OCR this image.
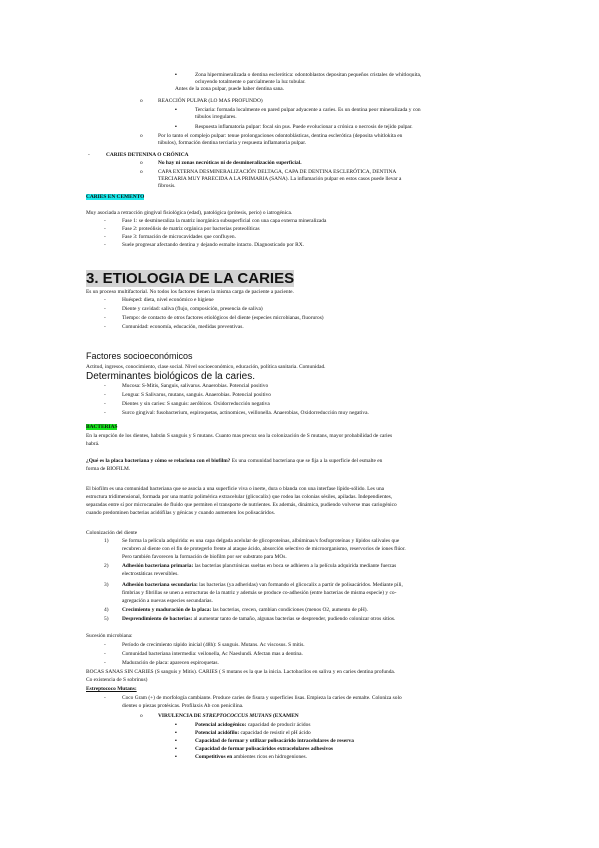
▪	Zona hipermineralizada o dentina esclerótica: odontoblastos depositan pequeños cristales de whitloquita,
ocluyendo totalmente o parcialmente la luz tubular.
Antes de la zona pulpar, puede haber dentina sana.
o	REACCIÓN PULPAR (LO MAS PROFUNDO)
▪	Terciaria: formada localmente en pared pulpar adyacente a caries. Es un dentina peor mineralizada y con
túbulos irregulares.
▪	Respuesta inflamatoria pulpar: focal sin pus. Puede evolucionar a crónica o necrosis de tejido pulpar.
o	Por lo tanto el complejo pulpar: tenue prolongaciones odontoblásticas, dentina esclerótica (deposita whitlokita en
túbulos), formación dentina terciaria y respuesta inflamatoria pulpar.
-	CARIES DETENINA O CRÓNICA
o	No hay ni zonas necróticas ni de desmineralización superficial.
o	CAPA EXTERNA DESMINERALIZACIÓN DELTAGA, CAPA DE DENTINA ESCLERÓTICA, DENTINA
TERCIARIA MUY PARECIDA A LA PRIMARIA (SANA). La inflamación pulpar en estos casos puede llevar a
fibrosis.
CARIES EN CEMENTO
Muy asociada a retracción gingival fisiológica (edad), patológica (prótesis, perio) o iatrogénica.
-	Fase 1: se desmineraliza la matriz inorgánica subsuperficial con una capa externa mineralizada
-	Fase 2: proteólisis de matriz orgánica por bacterias proteolíticas
-	Fase 3: formación de microcavidades que confluyen.
-	Suele progresar afectando dentina y dejando esmalte intacto. Diagnosticado por RX.
3. ETIOLOGIA DE LA CARIES
Es un proceso multifactorial. No todos los factores tienen la misma carga de paciente a paciente.
-	Huésped: dieta, nivel económico e higiene
-	Diente y cavidad: saliva (flujo, composición, presencia de saliva)
-	Tiempo: de contacto de otros factores etiológicos del diente (especies microbianas, fluoruros)
-	Comunidad: economía, educación, medidas preventivas.
Factores socioeconómicos
Actitud, ingresos, conocimiento, clase social. Nivel socioeconómico, educación, política sanitaria. Comunidad.
Determinantes biológicos de la caries.
-	Mucosa: S-Mitis, Sanguis, salivarus. Anaerobias. Potencial positivo
-	Lengua: S Salivarus, mutans, sanguis. Anaerobias. Potencial positivo
-	Dientes y sin caries: S sanguis: aeróbicos. Oxidorreducción negativa
-	Surco gingival: fusobacterium, espiroquetas, actinomices, veillonella. Anaerobias, Oxidorreducción muy negativa.
BACTERIAS
En la erupción de los dientes, habrán S sanguis y S mutans. Cuanto mas precoz sea la colonización de S mutans, mayor probabilidad de caries
habrá.
¿Qué es la placa bacteriana y cómo se relaciona con el biofilm? Es una comunidad bacteriana que se fija a la superficie del esmalte en
forma de BIOFILM.
El biofilm es una comunidad bacteriana que se asocia a una superficie viva o inerte, dura o blanda con una interfase lípido-sólido. Les una
estructura tridimensional, formada por una matriz polimérica extracelular (glicocalix) que rodea las colonias sésiles, apiladas. Independientes,
separadas entre sí por microcanales de fluido que permiten el transporte de nutrientes. Es además, dinámica, pudiendo volverse mas cariogénico
cuando predominen bacterias acidófilas y génicas y cuando aumenten los polisacáridos.
Colonización del diente
1)	Se forma la película adquirida: es una capa delgada acelular de glicoproteínas, albúminas/s fosfoproteínas y lípidos salivales que
recubren al diente con el fin de protegerlo frente al ataque ácido, absorción selectivo de microorganismo, reservorios de iones flúor.
Pero también favorecen la formación de biofilm por ser substrato para MOs.
2)	Adhesión bacteriana primaria: las bacterias planctónicas sueltas en boca se adhieren a la película adquirida mediante fuerzas
electrostáticas reversibles.
3)	Adhesión bacteriana secundaria: las bacterias (ya adheridas) van formando el glicocalix a partir de polisacáridos. Mediante pili,
fimbrias y fibrillas se unen a estructuras de la matriz y además se produce co-adhesión (entre bacterias de misma especie) y co-
agregación a nuevas especies secundarias.
4)	Crecimiento y maduración de la placa: las bacterias, crecen, cambian condiciones (menos O2, aumento de pH).
5)	Desprendimiento de bacterias: al aumentar tanto de tamaño, algunas bacterias se desprender, pudiendo colonizar otros sitios.
Sucesión microbiana:
-	Período de crecimiento rápido inicial (48h): S sanguis. Mutans. Ac viscosus. S mitis.
-	Comunidad bacteriana intermedia: veilonella, Ac Naeslundi. Afectan mas a dentina.
-	Maduración de placa: aparecen espiroquetas.
BOCAS SANAS SIN CARIES (S sanguis y Mitis). CARIES ( S mutans es la que la inicia. Lactobacilos en saliva y en caries dentina profunda.
Co existencia de S sobrinus)
Estreptococo Mutans:
-	Coco Gram (+) de morfología cambiante. Produce caries de fisura y superficies lisas. Empieza la caries de esmalte. Coloniza solo
dientes o piezas protésicas. Profilaxis Ab con penicilina.
o	VIRULENCIA DE STREPTOCOCCUS MUTANS (EXAMEN
▪	Potencial acidogénico: capacidad de producir ácidos
▪	Potencial acidófilo: capacidad de resistir el pH ácido
▪	Capacidad de formar y utilizar polisacárido intracelulares de reserva
▪	Capacidad de formar polisacáridos extracelulares adhesivos
▪	Competitivos en ambientes ricos en hidrogeniones.
